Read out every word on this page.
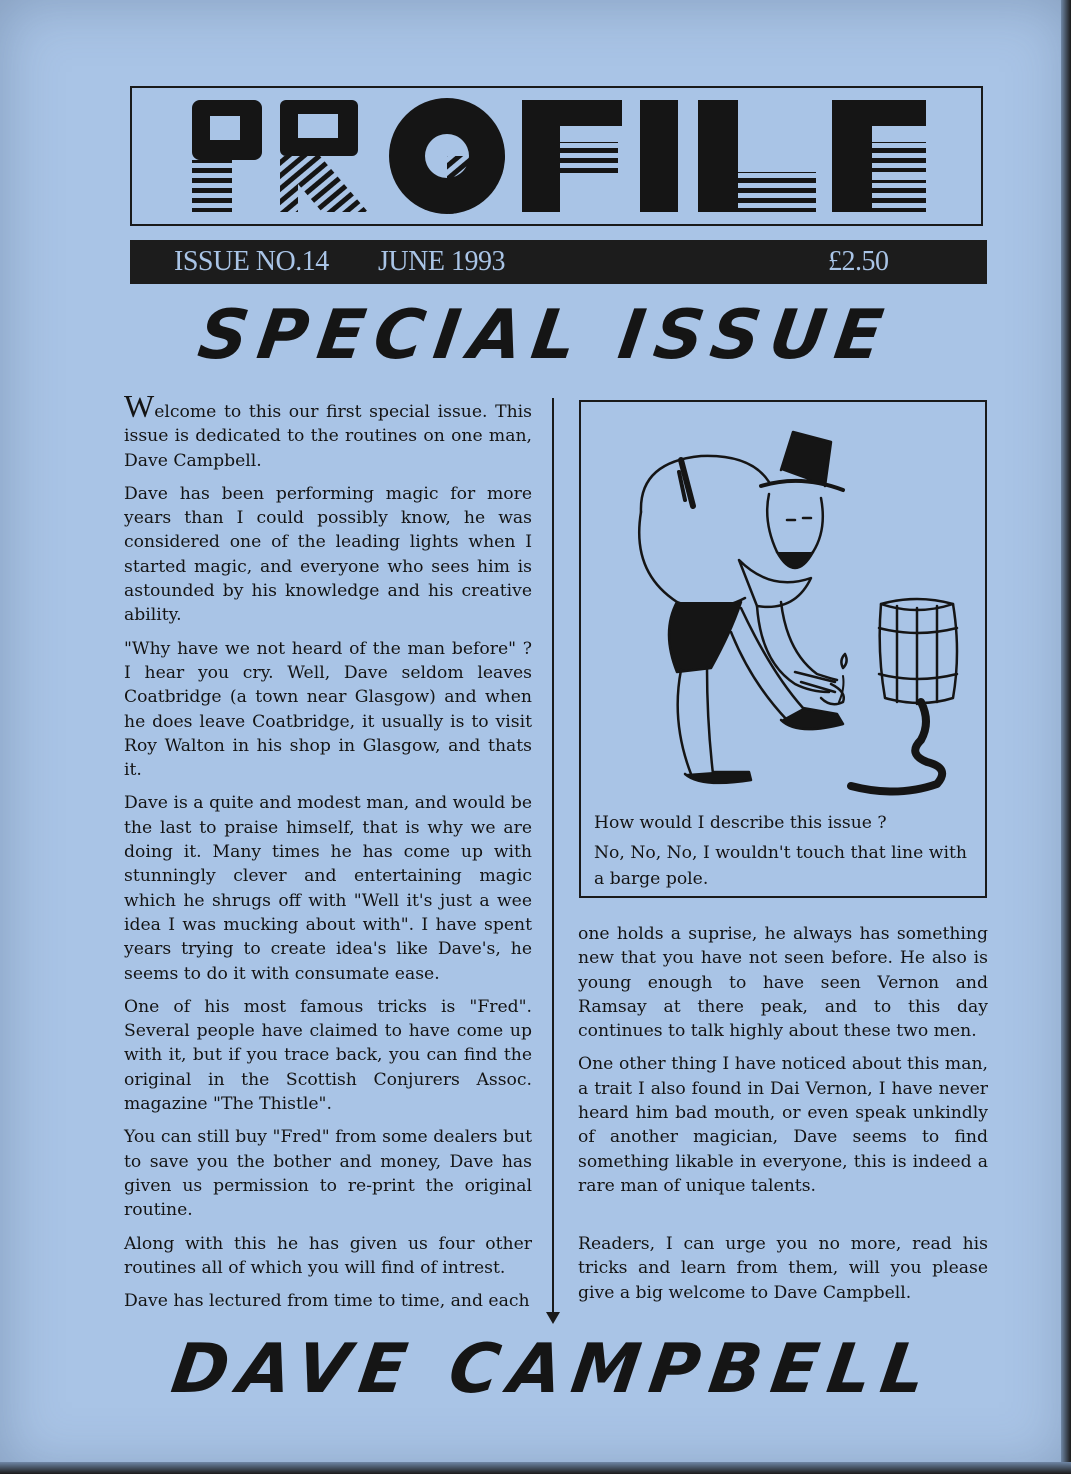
PROFILE
ISSUE NO.14 JUNE 1993	£2.50
SPECIAL ISSUE

Welcome to this our first special issue. This issue is dedicated to the routines on one man, Dave Campbell.

Dave has been performing magic for more years than I could possibly know, he was considered one of the leading lights when I started magic, and everyone who sees him is astounded by his knowledge and his creative ability.

"Why have we not heard of the man before" ? I hear you cry. Well, Dave seldom leaves Coatbridge (a town near Glasgow) and when he does leave Coatbridge, it usually is to visit Roy Walton in his shop in Glasgow, and thats it.

Dave is a quite and modest man, and would be the last to praise himself, that is why we are doing it. Many times he has come up with stunningly clever and entertaining magic which he shrugs off with "Well it's just a wee idea I was mucking about with". I have spent years trying to create idea's like Dave's, he seems to do it with consumate ease.

One of his most famous tricks is "Fred". Several people have claimed to have come up with it, but if you trace back, you can find the original in the Scottish Conjurers Assoc. magazine "The Thistle".

You can still buy "Fred" from some dealers but to save you the bother and money, Dave has given us permission to re-print the original routine.

Along with this he has given us four other routines all of which you will find of intrest.

Dave has lectured from time to time, and each

How would I describe this issue ?

No, No, No, I wouldn't touch that line with a barge pole.

one holds a suprise, he always has something new that you have not seen before. He also is young enough to have seen Vernon and Ramsay at there peak, and to this day continues to talk highly about these two men.

One other thing I have noticed about this man, a trait I also found in Dai Vernon, I have never heard him bad mouth, or even speak unkindly of another magician, Dave seems to find something likable in everyone, this is indeed a rare man of unique talents.

Readers, I can urge you no more, read his tricks and learn from them, will you please give a big welcome to Dave Campbell.

DAVE CAMPBELL
